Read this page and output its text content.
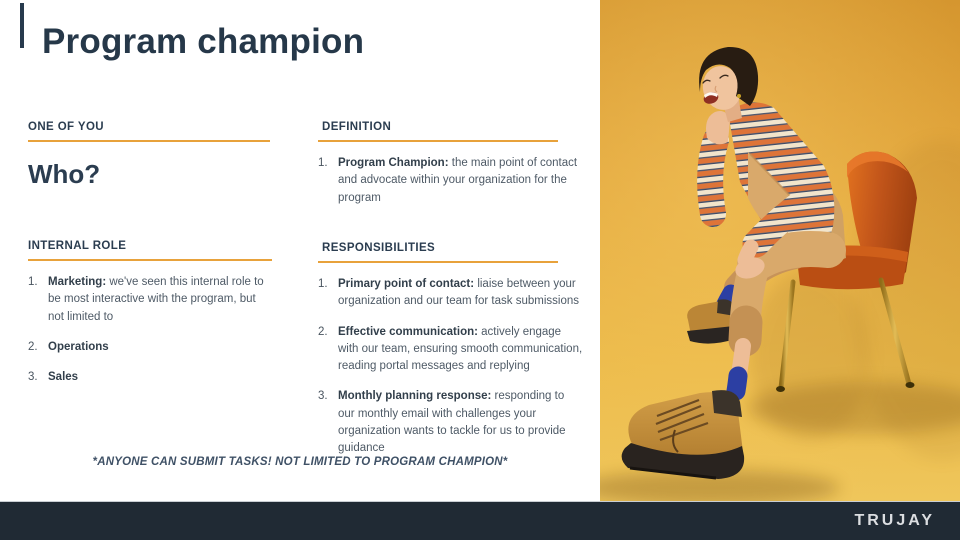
Program champion
ONE OF YOU
Who?
DEFINITION
1. Program Champion: the main point of contact and advocate within your organization for the program
INTERNAL ROLE
1. Marketing: we've seen this internal role to be most interactive with the program, but not limited to
2. Operations
3. Sales
RESPONSIBILITIES
1. Primary point of contact: liaise between your organization and our team for task submissions
2. Effective communication: actively engage with our team, ensuring smooth communication, reading portal messages and replying
3. Monthly planning response: responding to our monthly email with challenges your organization wants to tackle for us to provide guidance
*ANYONE CAN SUBMIT TASKS! NOT LIMITED TO PROGRAM CHAMPION*
TRUJAY
